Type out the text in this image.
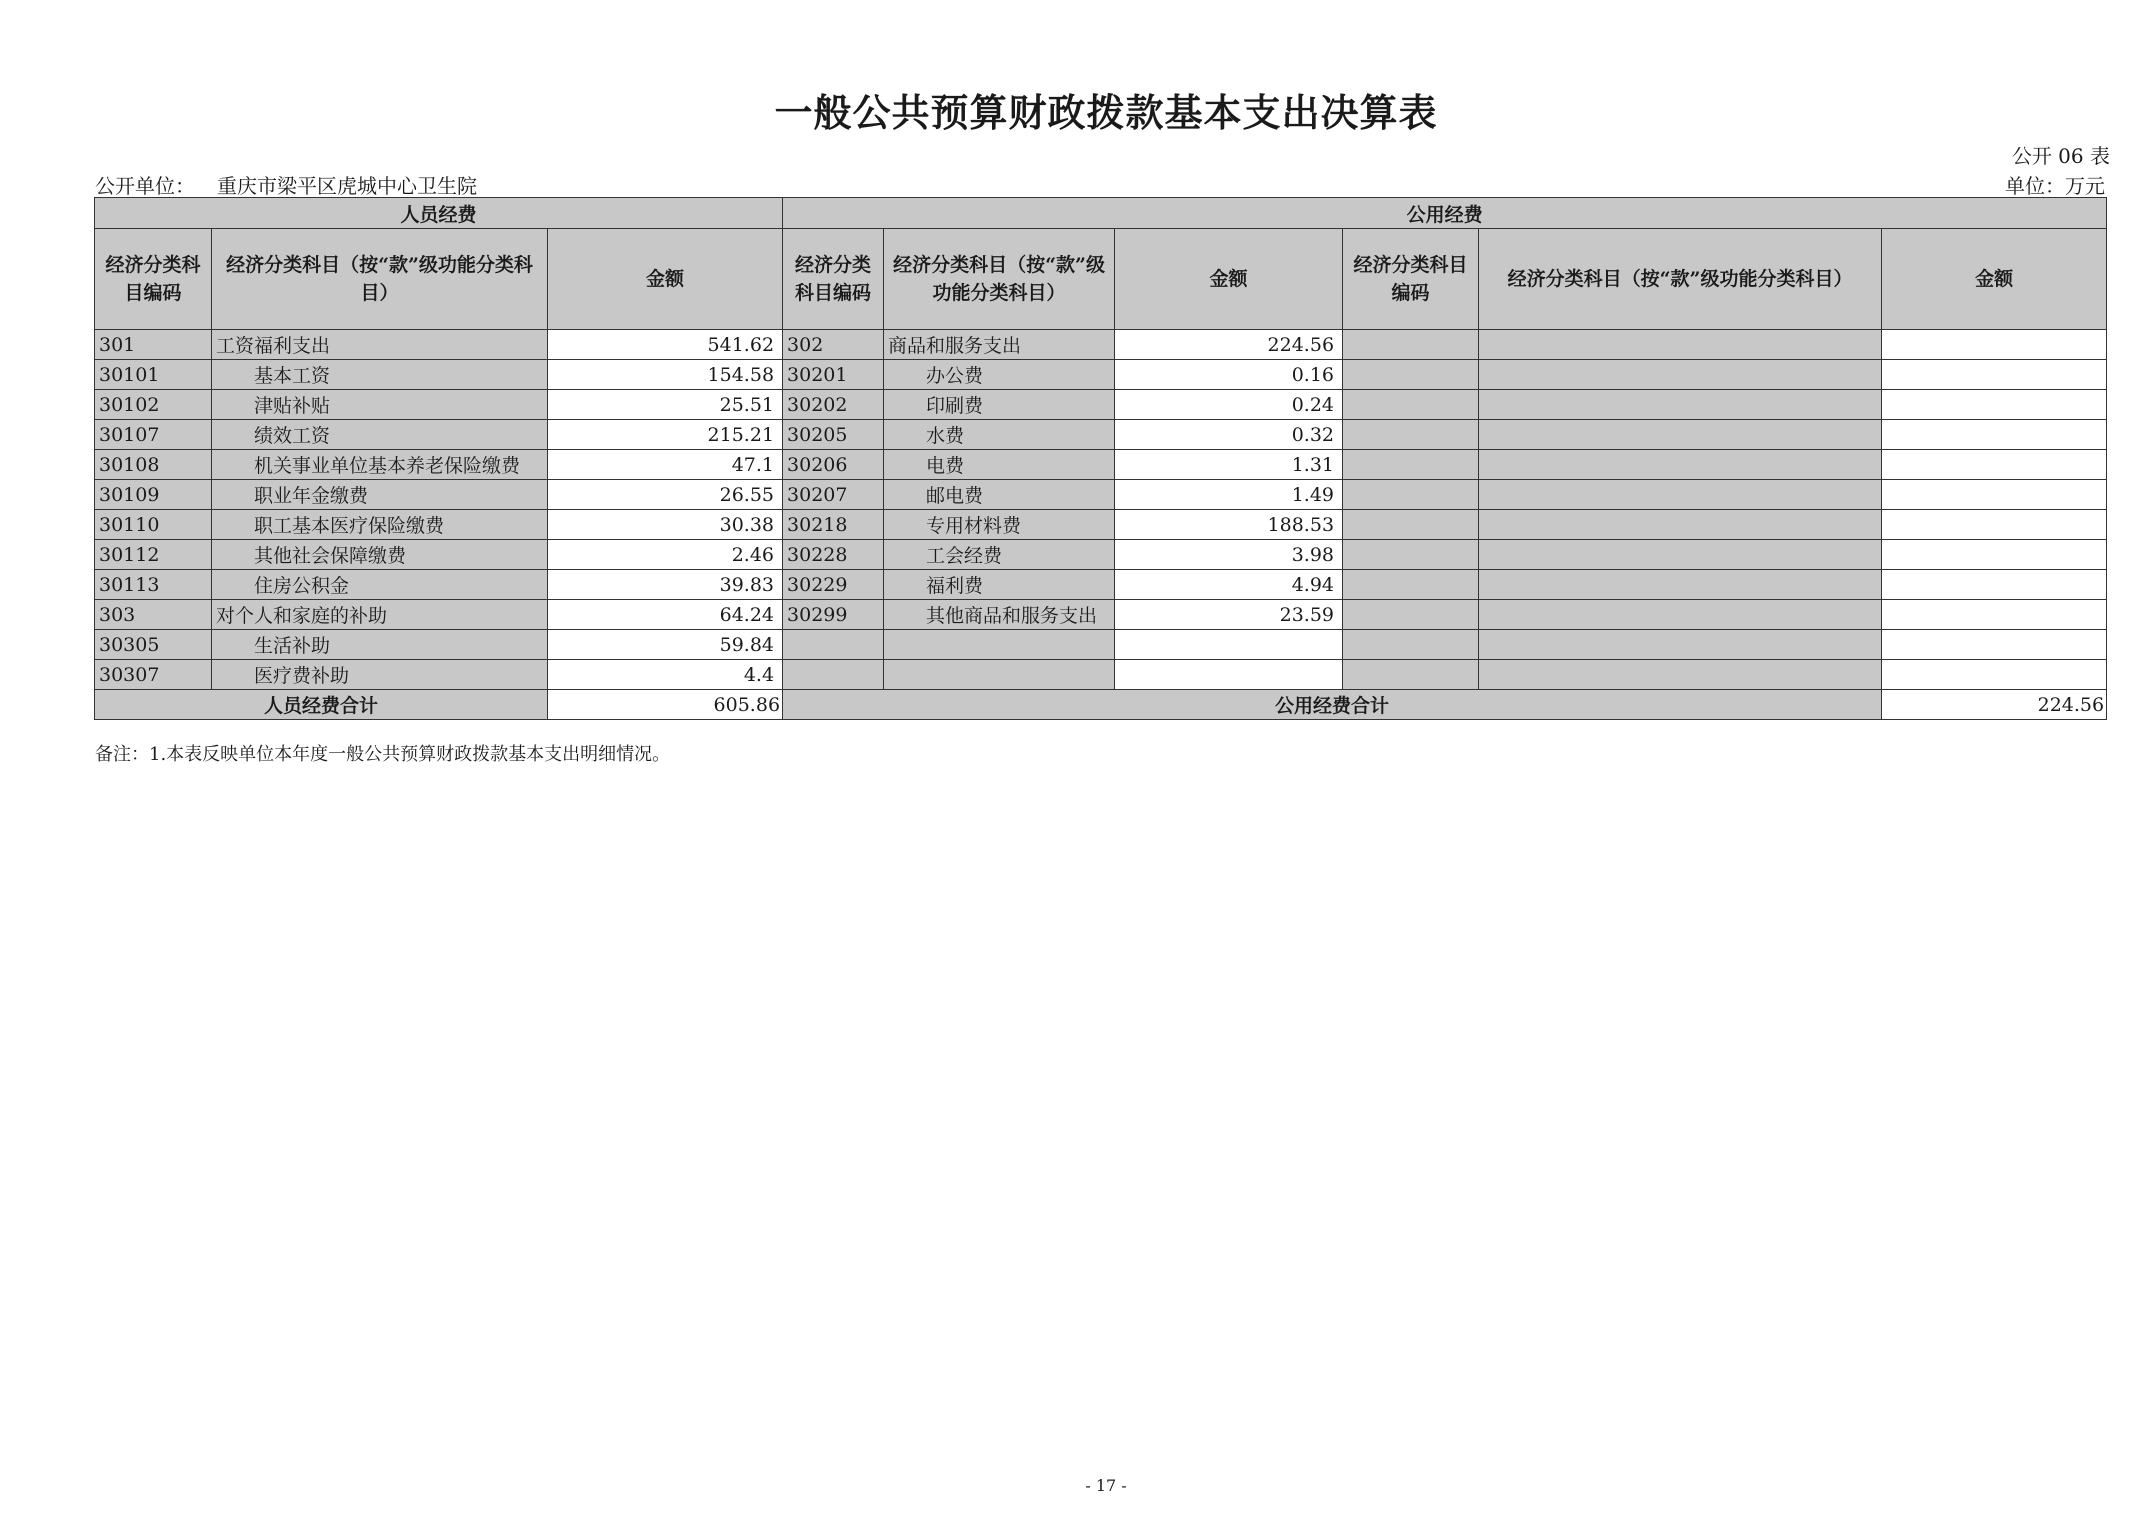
一般公共预算财政拨款基本支出决算表
公开 06 表
公开单位： 重庆市梁平区虎城中心卫生院	单位：万元
人员经费			公用经费					
经济分类科目编码	经济分类科目（按“款”级功能分类科目）	金额	经济分类科目编码	经济分类科目（按“款”级功能分类科目）	金额	经济分类科目编码	经济分类科目（按“款”级功能分类科目）	金额
301	工资福利支出	541.62	302	商品和服务支出	224.56			
30101	基本工资	154.58	30201	办公费	0.16			
30102	津贴补贴	25.51	30202	印刷费	0.24			
30107	绩效工资	215.21	30205	水费	0.32			
30108	机关事业单位基本养老保险缴费	47.1	30206	电费	1.31			
30109	职业年金缴费	26.55	30207	邮电费	1.49			
30110	职工基本医疗保险缴费	30.38	30218	专用材料费	188.53			
30112	其他社会保障缴费	2.46	30228	工会经费	3.98			
30113	住房公积金	39.83	30229	福利费	4.94			
303	对个人和家庭的补助	64.24	30299	其他商品和服务支出	23.59			
30305	生活补助	59.84						
30307	医疗费补助	4.4						
人员经费合计		605.86	公用经费合计					224.56
备注：1.本表反映单位本年度一般公共预算财政拨款基本支出明细情况。
- 17 -
